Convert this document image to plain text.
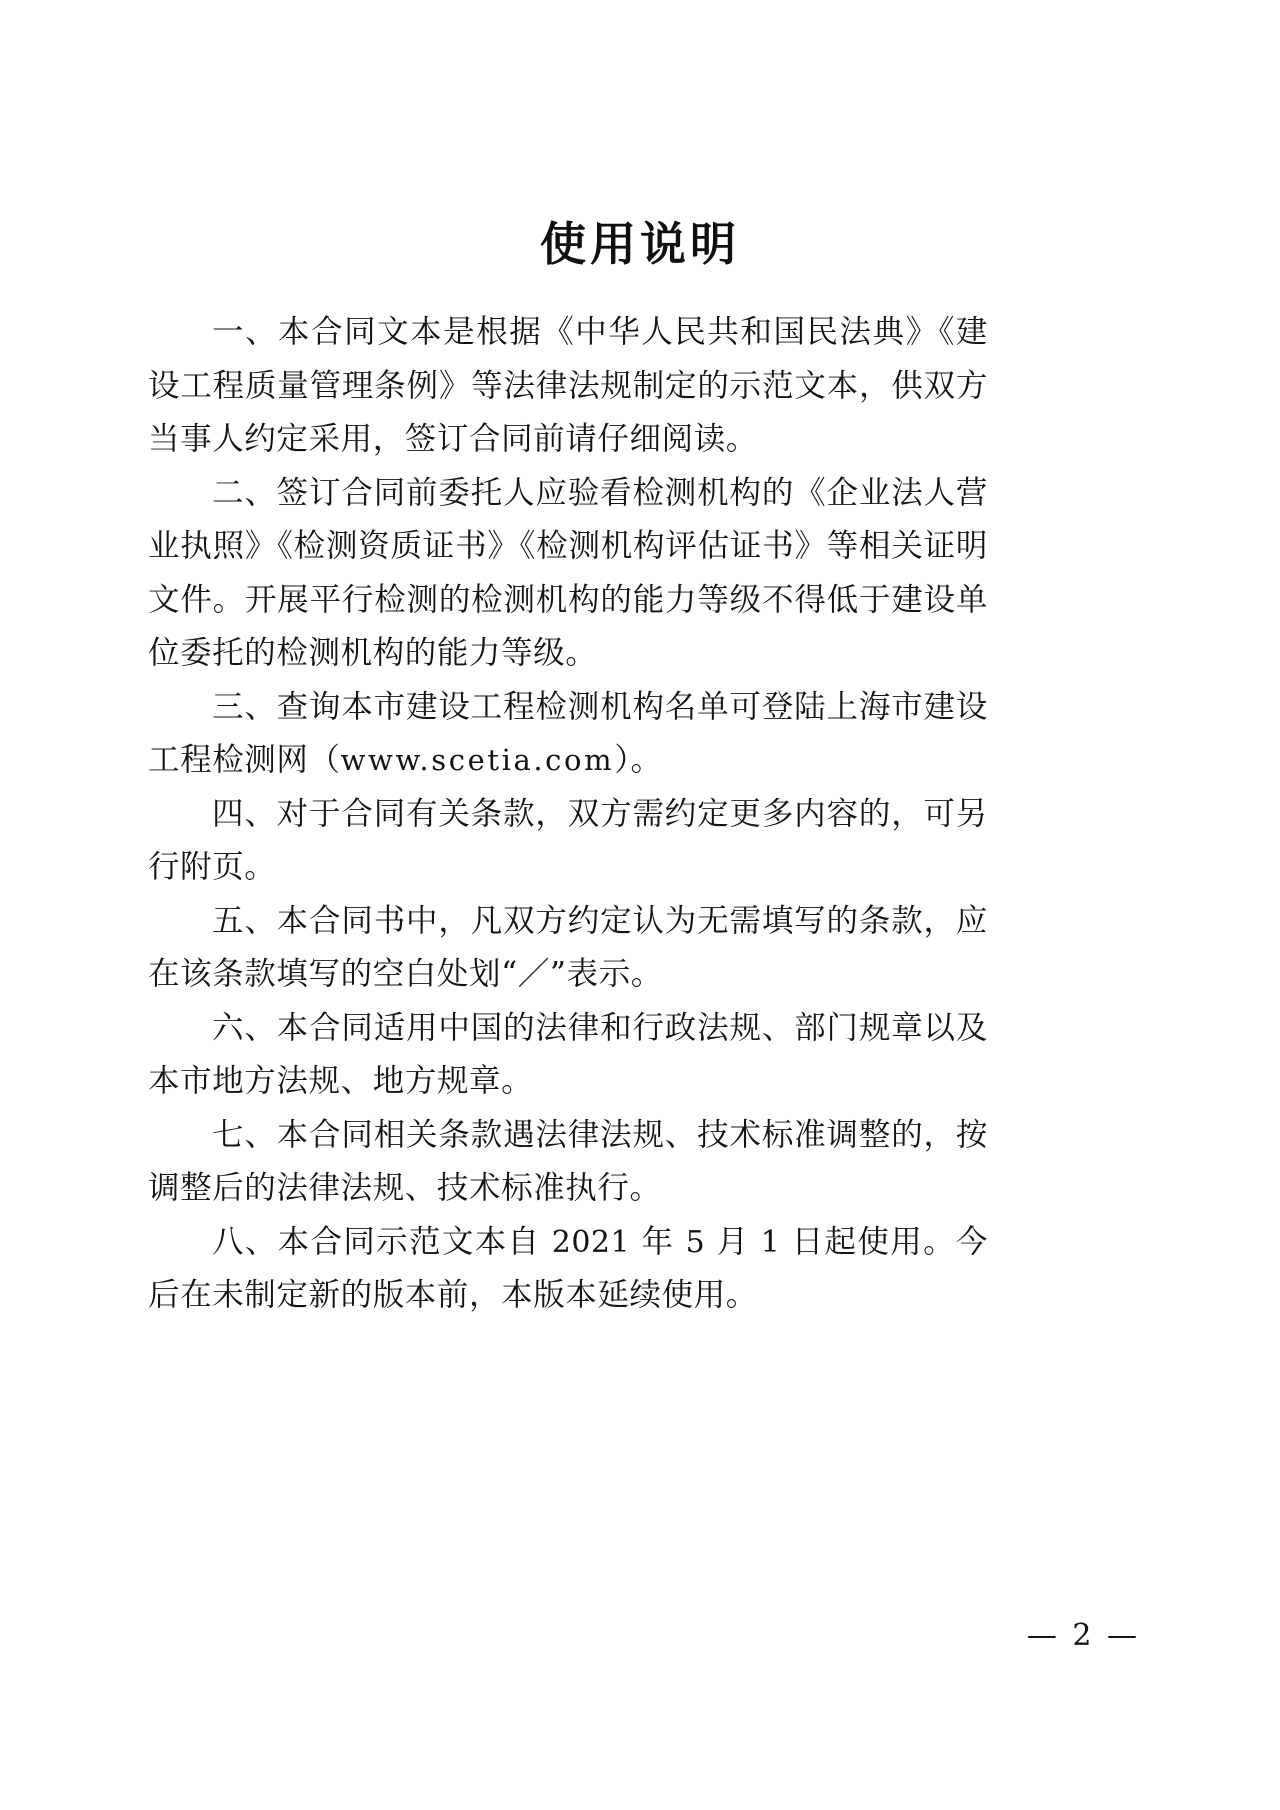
使用说明

一、本合同文本是根据《中华人民共和国民法典》《建设工程质量管理条例》等法律法规制定的示范文本，供双方当事人约定采用，签订合同前请仔细阅读。

二、签订合同前委托人应验看检测机构的《企业法人营业执照》《检测资质证书》《检测机构评估证书》等相关证明文件。开展平行检测的检测机构的能力等级不得低于建设单位委托的检测机构的能力等级。

三、查询本市建设工程检测机构名单可登陆上海市建设工程检测网（www.scetia.com）。

四、对于合同有关条款，双方需约定更多内容的，可另行附页。

五、本合同书中，凡双方约定认为无需填写的条款，应在该条款填写的空白处划“／”表示。

六、本合同适用中国的法律和行政法规、部门规章以及本市地方法规、地方规章。

七、本合同相关条款遇法律法规、技术标准调整的，按调整后的法律法规、技术标准执行。

八、本合同示范文本自 2021 年 5 月 1 日起使用。今后在未制定新的版本前，本版本延续使用。

— 2 —
